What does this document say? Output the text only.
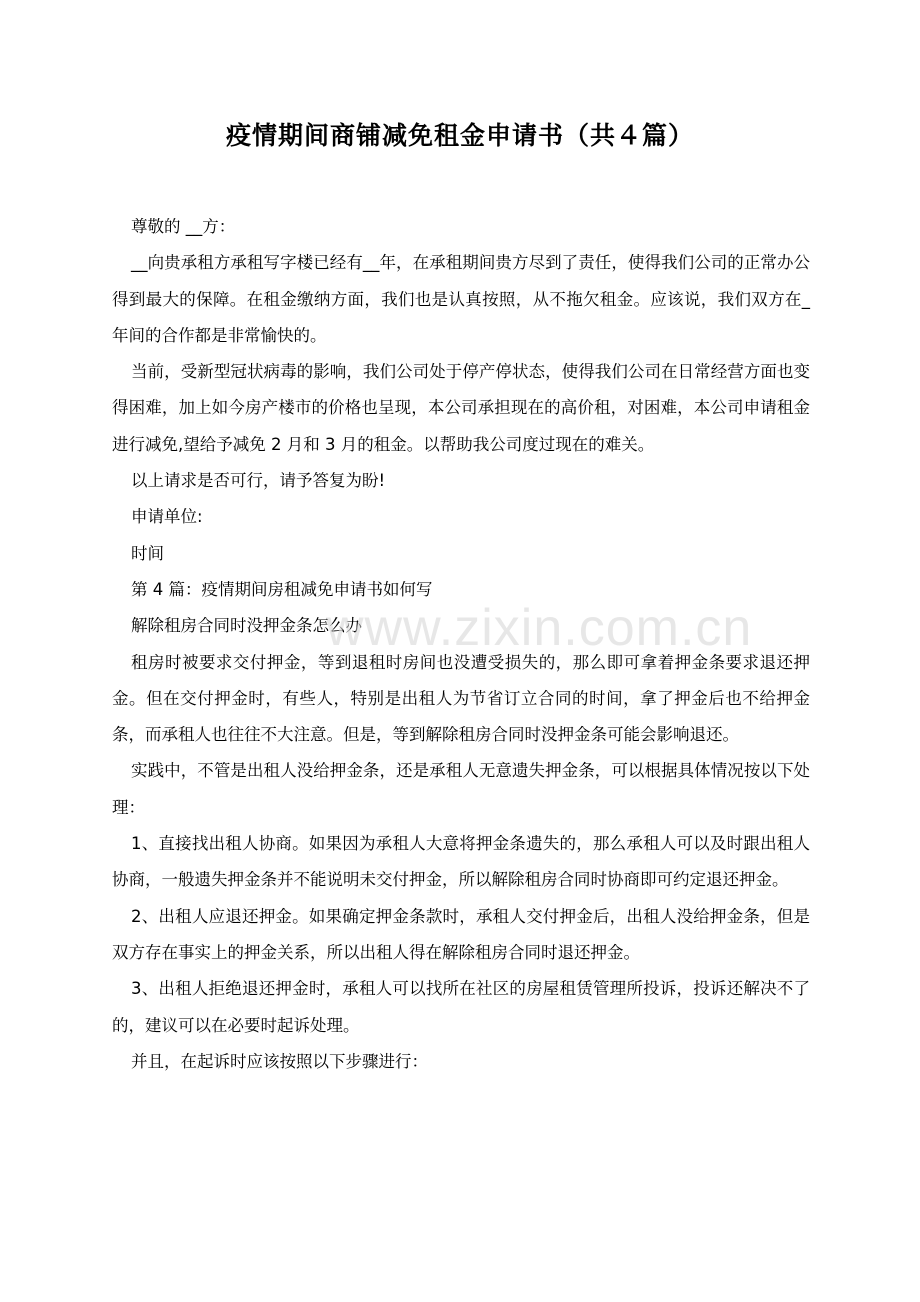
疫情期间商铺减免租金申请书（共４篇）

尊敬的 __方：

__向贵承租方承租写字楼已经有__年，在承租期间贵方尽到了责任，使得我们公司的正常办公得到最大的保障。在租金缴纳方面，我们也是认真按照，从不拖欠租金。应该说，我们双方在_年间的合作都是非常愉快的。

当前，受新型冠状病毒的影响，我们公司处于停产停状态，使得我们公司在日常经营方面也变得困难，加上如今房产楼市的价格也呈现，本公司承担现在的高价租，对困难，本公司申请租金进行减免,望给予减免 2 月和 3 月的租金。以帮助我公司度过现在的难关。

以上请求是否可行，请予答复为盼!

申请单位:

时间

第 4 篇：疫情期间房租减免申请书如何写

解除租房合同时没押金条怎么办

租房时被要求交付押金，等到退租时房间也没遭受损失的，那么即可拿着押金条要求退还押金。但在交付押金时，有些人，特别是出租人为节省订立合同的时间，拿了押金后也不给押金条，而承租人也往往不大注意。但是，等到解除租房合同时没押金条可能会影响退还。

实践中，不管是出租人没给押金条，还是承租人无意遗失押金条，可以根据具体情况按以下处理：

1、直接找出租人协商。如果因为承租人大意将押金条遗失的，那么承租人可以及时跟出租人协商，一般遗失押金条并不能说明未交付押金，所以解除租房合同时协商即可约定退还押金。

2、出租人应退还押金。如果确定押金条款时，承租人交付押金后，出租人没给押金条，但是双方存在事实上的押金关系，所以出租人得在解除租房合同时退还押金。

3、出租人拒绝退还押金时，承租人可以找所在社区的房屋租赁管理所投诉，投诉还解决不了的，建议可以在必要时起诉处理。

并且，在起诉时应该按照以下步骤进行：

www.zixin.com.cn
